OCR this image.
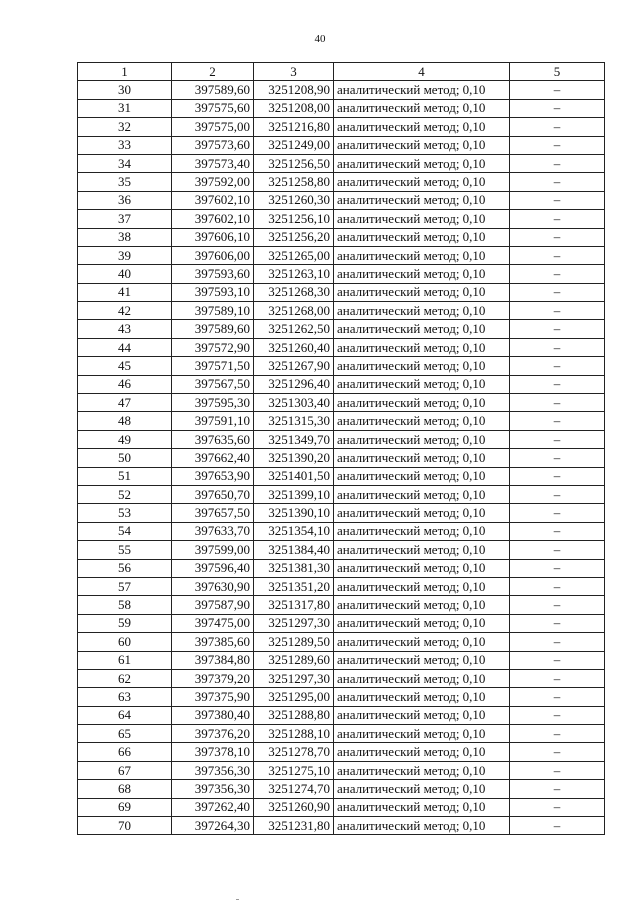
40
1	2	3	4	5
30	397589,60	3251208,90	аналитический метод; 0,10	–
31	397575,60	3251208,00	аналитический метод; 0,10	–
32	397575,00	3251216,80	аналитический метод; 0,10	–
33	397573,60	3251249,00	аналитический метод; 0,10	–
34	397573,40	3251256,50	аналитический метод; 0,10	–
35	397592,00	3251258,80	аналитический метод; 0,10	–
36	397602,10	3251260,30	аналитический метод; 0,10	–
37	397602,10	3251256,10	аналитический метод; 0,10	–
38	397606,10	3251256,20	аналитический метод; 0,10	–
39	397606,00	3251265,00	аналитический метод; 0,10	–
40	397593,60	3251263,10	аналитический метод; 0,10	–
41	397593,10	3251268,30	аналитический метод; 0,10	–
42	397589,10	3251268,00	аналитический метод; 0,10	–
43	397589,60	3251262,50	аналитический метод; 0,10	–
44	397572,90	3251260,40	аналитический метод; 0,10	–
45	397571,50	3251267,90	аналитический метод; 0,10	–
46	397567,50	3251296,40	аналитический метод; 0,10	–
47	397595,30	3251303,40	аналитический метод; 0,10	–
48	397591,10	3251315,30	аналитический метод; 0,10	–
49	397635,60	3251349,70	аналитический метод; 0,10	–
50	397662,40	3251390,20	аналитический метод; 0,10	–
51	397653,90	3251401,50	аналитический метод; 0,10	–
52	397650,70	3251399,10	аналитический метод; 0,10	–
53	397657,50	3251390,10	аналитический метод; 0,10	–
54	397633,70	3251354,10	аналитический метод; 0,10	–
55	397599,00	3251384,40	аналитический метод; 0,10	–
56	397596,40	3251381,30	аналитический метод; 0,10	–
57	397630,90	3251351,20	аналитический метод; 0,10	–
58	397587,90	3251317,80	аналитический метод; 0,10	–
59	397475,00	3251297,30	аналитический метод; 0,10	–
60	397385,60	3251289,50	аналитический метод; 0,10	–
61	397384,80	3251289,60	аналитический метод; 0,10	–
62	397379,20	3251297,30	аналитический метод; 0,10	–
63	397375,90	3251295,00	аналитический метод; 0,10	–
64	397380,40	3251288,80	аналитический метод; 0,10	–
65	397376,20	3251288,10	аналитический метод; 0,10	–
66	397378,10	3251278,70	аналитический метод; 0,10	–
67	397356,30	3251275,10	аналитический метод; 0,10	–
68	397356,30	3251274,70	аналитический метод; 0,10	–
69	397262,40	3251260,90	аналитический метод; 0,10	–
70	397264,30	3251231,80	аналитический метод; 0,10	–
